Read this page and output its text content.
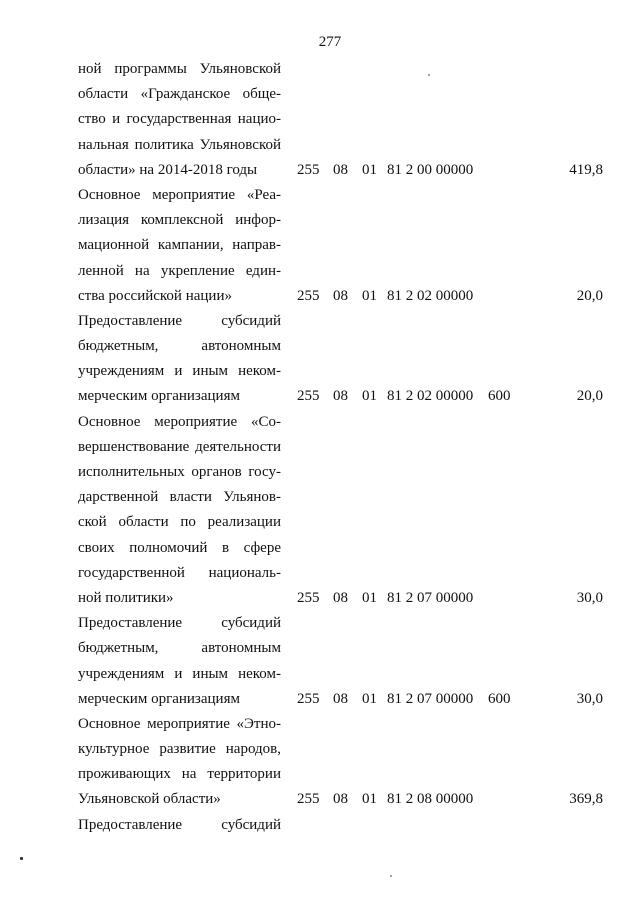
277
ной программы Ульяновской
области «Гражданское обще-
ство и государственная нацио-
нальная политика Ульяновской
области» на 2014-2018 годы	255 08 01 81 2 00 00000	419,8
Основное мероприятие «Реа-
лизация комплексной инфор-
мационной кампании, направ-
ленной на укрепление един-
ства российской нации»	255 08 01 81 2 02 00000	20,0
Предоставление субсидий
бюджетным, автономным
учреждениям и иным неком-
мерческим организациям	255 08 01 81 2 02 00000 600	20,0
Основное мероприятие «Со-
вершенствование деятельности
исполнительных органов госу-
дарственной власти Ульянов-
ской области по реализации
своих полномочий в сфере
государственной националь-
ной политики»	255 08 01 81 2 07 00000	30,0
Предоставление субсидий
бюджетным, автономным
учреждениям и иным неком-
мерческим организациям	255 08 01 81 2 07 00000 600	30,0
Основное мероприятие «Этно-
культурное развитие народов,
проживающих на территории
Ульяновской области»	255 08 01 81 2 08 00000	369,8
Предоставление субсидий
